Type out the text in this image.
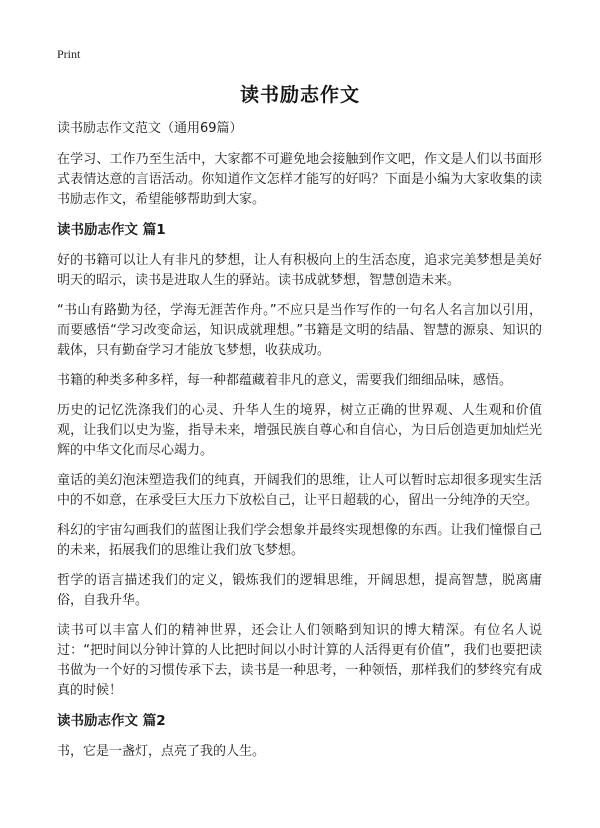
Print
读书励志作文

读书励志作文范文（通用69篇）

在学习、工作乃至生活中，大家都不可避免地会接触到作文吧，作文是人们以书面形式表情达意的言语活动。你知道作文怎样才能写的好吗？下面是小编为大家收集的读书励志作文，希望能够帮助到大家。

读书励志作文 篇1

好的书籍可以让人有非凡的梦想，让人有积极向上的生活态度，追求完美梦想是美好明天的昭示，读书是进取人生的驿站。读书成就梦想，智慧创造未来。

“书山有路勤为径，学海无涯苦作舟。”不应只是当作写作的一句名人名言加以引用，而要感悟“学习改变命运，知识成就理想。”书籍是文明的结晶、智慧的源泉、知识的载体，只有勤奋学习才能放飞梦想，收获成功。

书籍的种类多种多样，每一种都蕴藏着非凡的意义，需要我们细细品味，感悟。

历史的记忆洗涤我们的心灵、升华人生的境界，树立正确的世界观、人生观和价值观，让我们以史为鉴，指导未来，增强民族自尊心和自信心，为日后创造更加灿烂光辉的中华文化而尽心竭力。

童话的美幻泡沫塑造我们的纯真，开阔我们的思维，让人可以暂时忘却很多现实生活中的不如意，在承受巨大压力下放松自己，让平日超载的心，留出一分纯净的天空。

科幻的宇宙勾画我们的蓝图让我们学会想象并最终实现想像的东西。让我们憧憬自己的未来，拓展我们的思维让我们放飞梦想。

哲学的语言描述我们的定义，锻炼我们的逻辑思维，开阔思想，提高智慧，脱离庸俗，自我升华。

读书可以丰富人们的精神世界，还会让人们领略到知识的博大精深。有位名人说过：“把时间以分钟计算的人比把时间以小时计算的人活得更有价值”，我们也要把读书做为一个好的习惯传承下去，读书是一种思考，一种领悟，那样我们的梦终究有成真的时候！

读书励志作文 篇2

书，它是一盏灯，点亮了我的人生。
